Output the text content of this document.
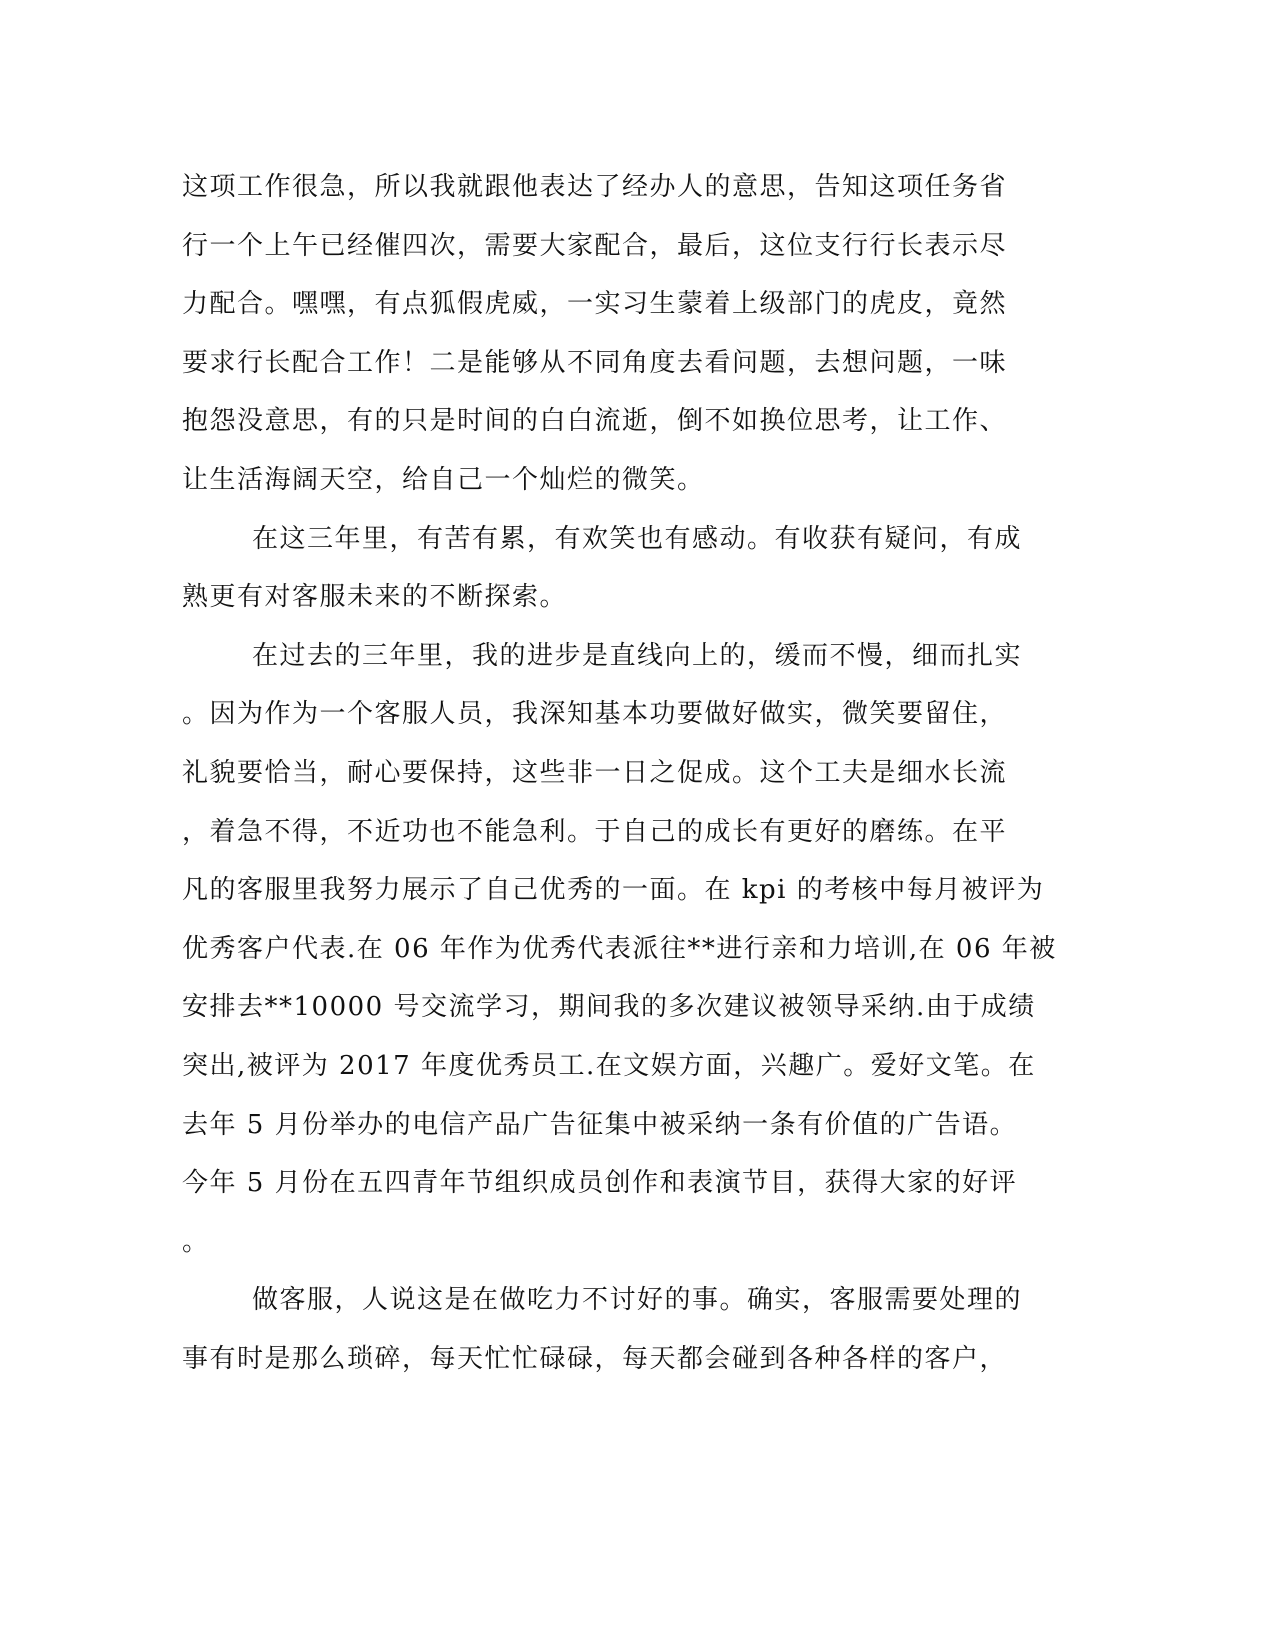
这项工作很急，所以我就跟他表达了经办人的意思，告知这项任务省
行一个上午已经催四次，需要大家配合，最后，这位支行行长表示尽
力配合。嘿嘿，有点狐假虎威，一实习生蒙着上级部门的虎皮，竟然
要求行长配合工作！二是能够从不同角度去看问题，去想问题，一味
抱怨没意思，有的只是时间的白白流逝，倒不如换位思考，让工作、
让生活海阔天空，给自己一个灿烂的微笑。
在这三年里，有苦有累，有欢笑也有感动。有收获有疑问，有成
熟更有对客服未来的不断探索。
在过去的三年里，我的进步是直线向上的，缓而不慢，细而扎实
。因为作为一个客服人员，我深知基本功要做好做实，微笑要留住，
礼貌要恰当，耐心要保持，这些非一日之促成。这个工夫是细水长流
，着急不得，不近功也不能急利。于自己的成长有更好的磨练。在平
凡的客服里我努力展示了自己优秀的一面。在 kpi 的考核中每月被评为
优秀客户代表.在 06 年作为优秀代表派往**进行亲和力培训,在 06 年被
安排去**10000 号交流学习，期间我的多次建议被领导采纳.由于成绩
突出,被评为 2017 年度优秀员工.在文娱方面，兴趣广。爱好文笔。在
去年 5 月份举办的电信产品广告征集中被采纳一条有价值的广告语。
今年 5 月份在五四青年节组织成员创作和表演节目，获得大家的好评
。
做客服，人说这是在做吃力不讨好的事。确实，客服需要处理的
事有时是那么琐碎，每天忙忙碌碌，每天都会碰到各种各样的客户，
